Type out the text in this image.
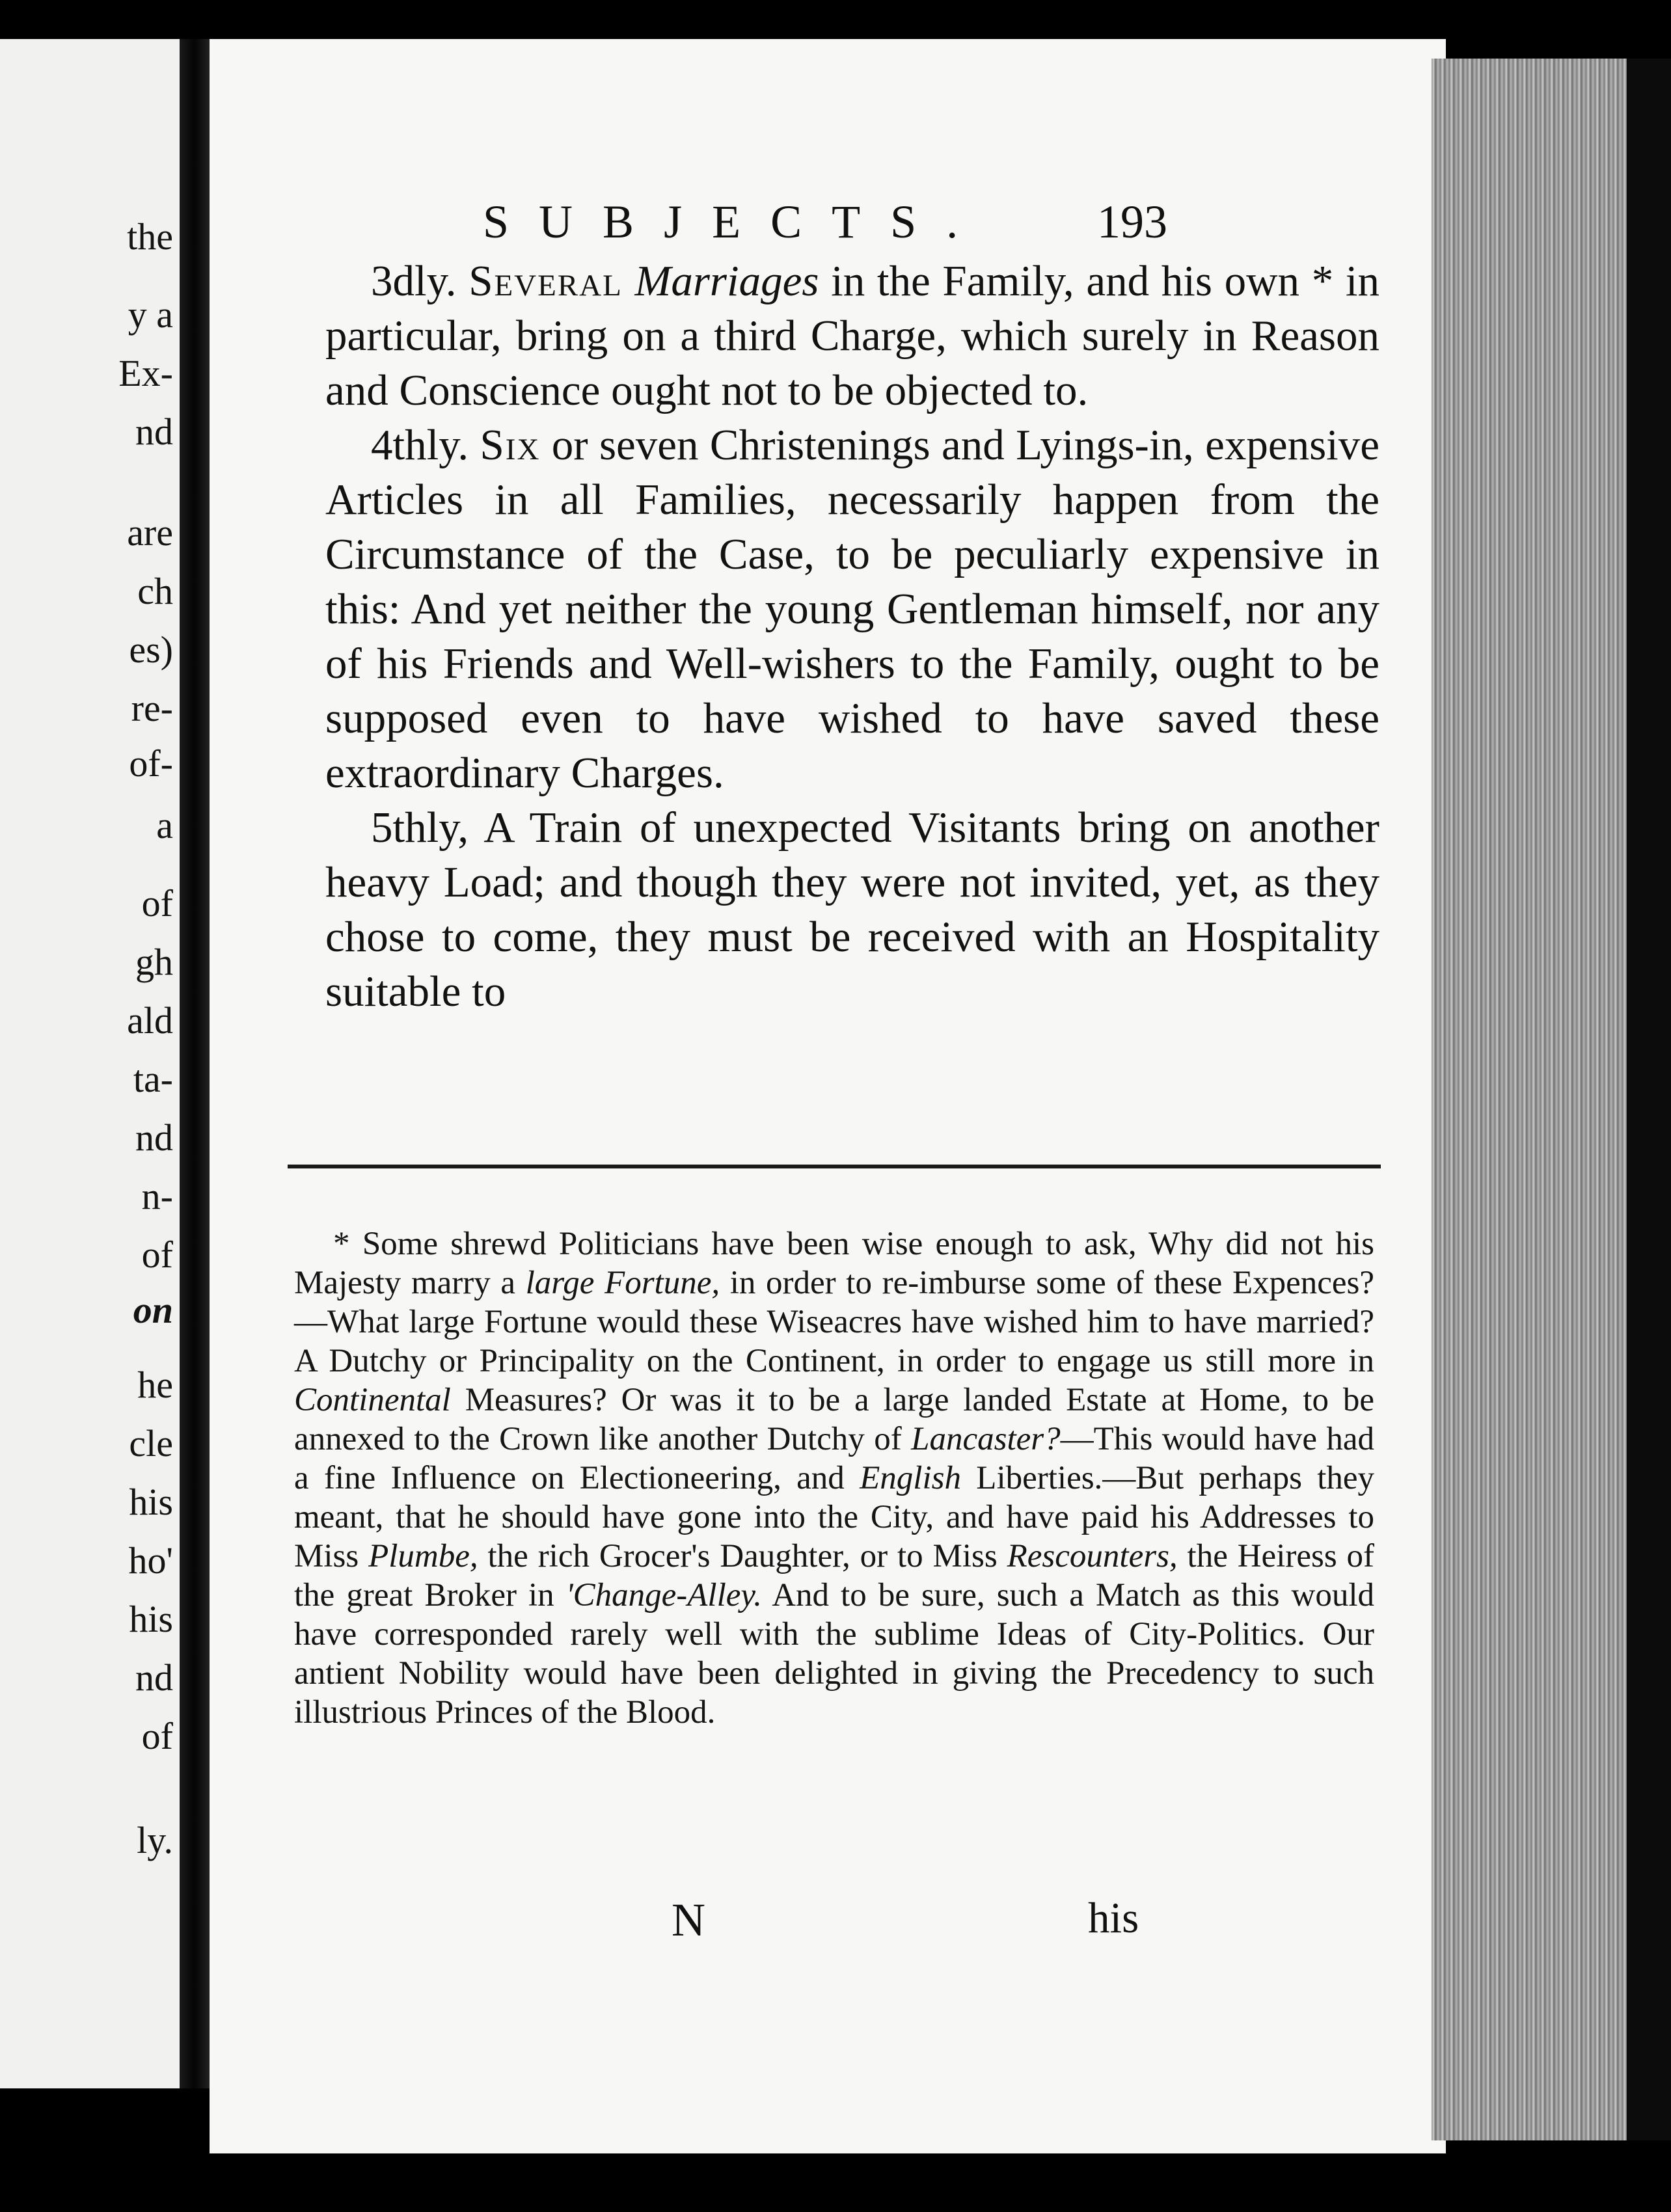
the
y a
Ex-
nd
are
ch
es)
re-
of-
a
of
gh
ald
ta-
nd
n-
of
on
he
cle
his
ho'
his
nd
of
ly.
SUBJECTS. 193

3dly. Several Marriages in the Family, and his own * in particular, bring on a third Charge, which surely in Reason and Conscience ought not to be objected to.

4thly. Six or seven Christenings and Lyings-in, expensive Articles in all Families, necessarily happen from the Circumstance of the Case, to be peculiarly expensive in this: And yet neither the young Gentleman himself, nor any of his Friends and Well-wishers to the Family, ought to be supposed even to have wished to have saved these extraordinary Charges.

5thly, A Train of unexpected Visitants bring on another heavy Load; and though they were not invited, yet, as they chose to come, they must be received with an Hospitality suitable to

* Some shrewd Politicians have been wise enough to ask, Why did not his Majesty marry a large Fortune, in order to re-imburse some of these Expences?—What large Fortune would these Wiseacres have wished him to have married? A Dutchy or Principality on the Continent, in order to engage us still more in Continental Measures? Or was it to be a large landed Estate at Home, to be annexed to the Crown like another Dutchy of Lancaster?—This would have had a fine Influence on Electioneering, and English Liberties.—But perhaps they meant, that he should have gone into the City, and have paid his Addresses to Miss Plumbe, the rich Grocer's Daughter, or to Miss Rescounters, the Heiress of the great Broker in 'Change-Alley. And to be sure, such a Match as this would have corresponded rarely well with the sublime Ideas of City-Politics. Our antient Nobility would have been delighted in giving the Precedency to such illustrious Princes of the Blood.

N	his
